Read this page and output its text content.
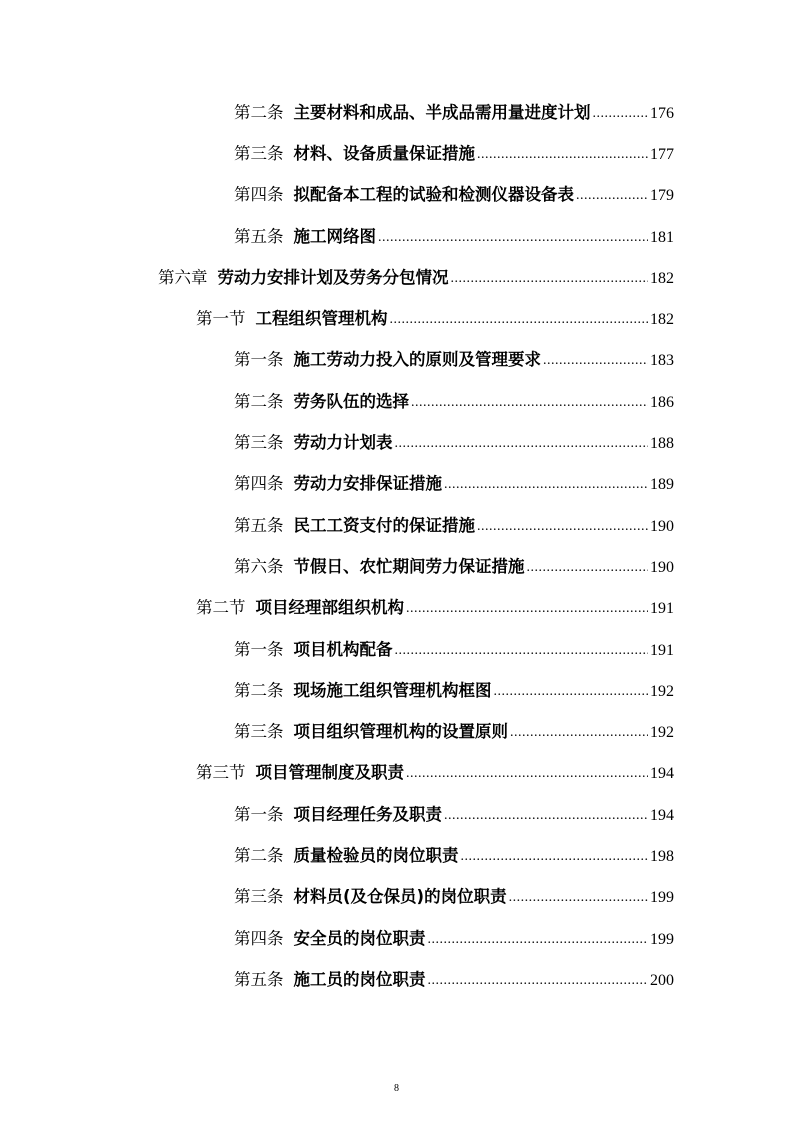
第二条 主要材料和成品、半成品需用量进度计划 .....	176
第三条 材料、设备质量保证措施 .....	177
第四条 拟配备本工程的试验和检测仪器设备表 .....	179
第五条 施工网络图 .....	181
第六章 劳动力安排计划及劳务分包情况 .....	182
第一节 工程组织管理机构 .....	182
第一条 施工劳动力投入的原则及管理要求 .....	183
第二条 劳务队伍的选择 .....	186
第三条 劳动力计划表 .....	188
第四条 劳动力安排保证措施 .....	189
第五条 民工工资支付的保证措施 .....	190
第六条 节假日、农忙期间劳力保证措施 .....	190
第二节 项目经理部组织机构 .....	191
第一条 项目机构配备 .....	191
第二条 现场施工组织管理机构框图 .....	192
第三条 项目组织管理机构的设置原则 .....	192
第三节 项目管理制度及职责 .....	194
第一条 项目经理任务及职责 .....	194
第二条 质量检验员的岗位职责 .....	198
第三条 材料员(及仓保员)的岗位职责 .....	199
第四条 安全员的岗位职责 .....	199
第五条 施工员的岗位职责 .....	200
8
